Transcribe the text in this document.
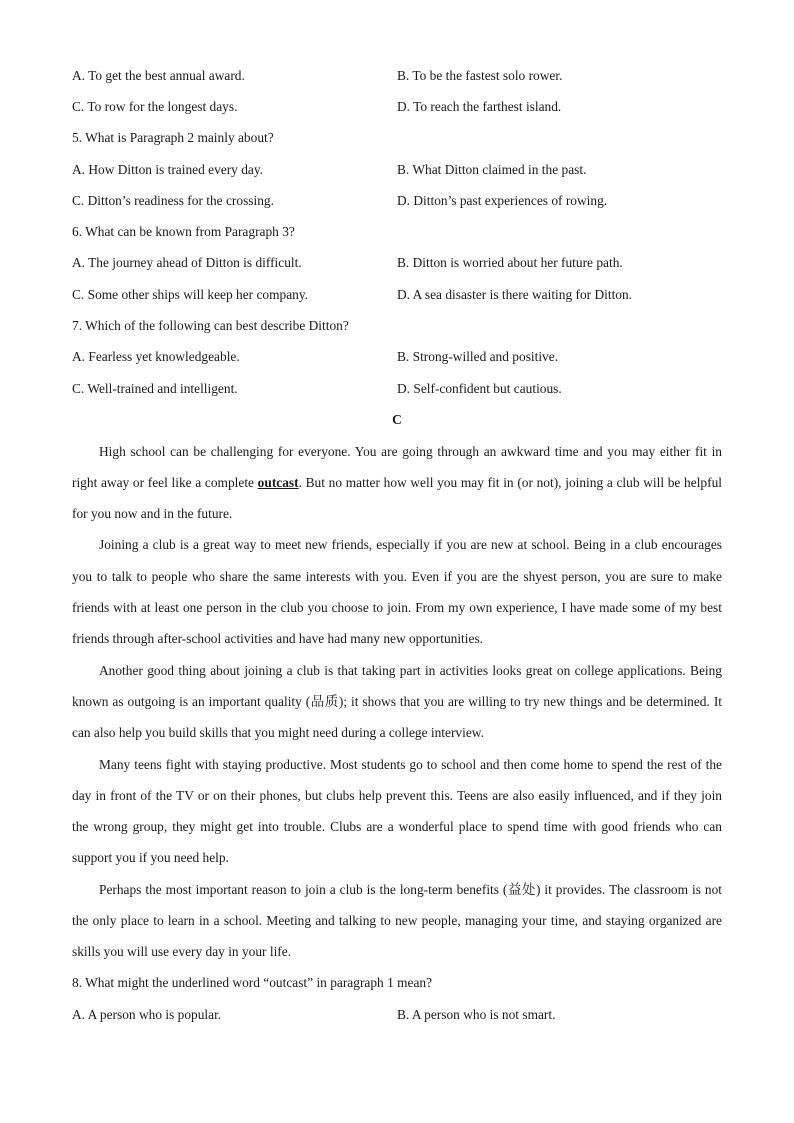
A. To get the best annual award.	B. To be the fastest solo rower.
C. To row for the longest days.	D. To reach the farthest island.
5. What is Paragraph 2 mainly about?
A. How Ditton is trained every day.	B. What Ditton claimed in the past.
C. Ditton’s readiness for the crossing.	D. Ditton’s past experiences of rowing.
6. What can be known from Paragraph 3?
A. The journey ahead of Ditton is difficult.	B. Ditton is worried about her future path.
C. Some other ships will keep her company.	D. A sea disaster is there waiting for Ditton.
7. Which of the following can best describe Ditton?
A. Fearless yet knowledgeable.	B. Strong-willed and positive.
C. Well-trained and intelligent.	D. Self-confident but cautious.
C

High school can be challenging for everyone. You are going through an awkward time and you may either fit in right away or feel like a complete outcast. But no matter how well you may fit in (or not), joining a club will be helpful for you now and in the future.

Joining a club is a great way to meet new friends, especially if you are new at school. Being in a club encourages you to talk to people who share the same interests with you. Even if you are the shyest person, you are sure to make friends with at least one person in the club you choose to join. From my own experience, I have made some of my best friends through after-school activities and have had many new opportunities.

Another good thing about joining a club is that taking part in activities looks great on college applications. Being known as outgoing is an important quality (品质); it shows that you are willing to try new things and be determined. It can also help you build skills that you might need during a college interview.

Many teens fight with staying productive. Most students go to school and then come home to spend the rest of the day in front of the TV or on their phones, but clubs help prevent this. Teens are also easily influenced, and if they join the wrong group, they might get into trouble. Clubs are a wonderful place to spend time with good friends who can support you if you need help.

Perhaps the most important reason to join a club is the long-term benefits (益处) it provides. The classroom is not the only place to learn in a school. Meeting and talking to new people, managing your time, and staying organized are skills you will use every day in your life.

8. What might the underlined word “outcast” in paragraph 1 mean?
A. A person who is popular.	B. A person who is not smart.
